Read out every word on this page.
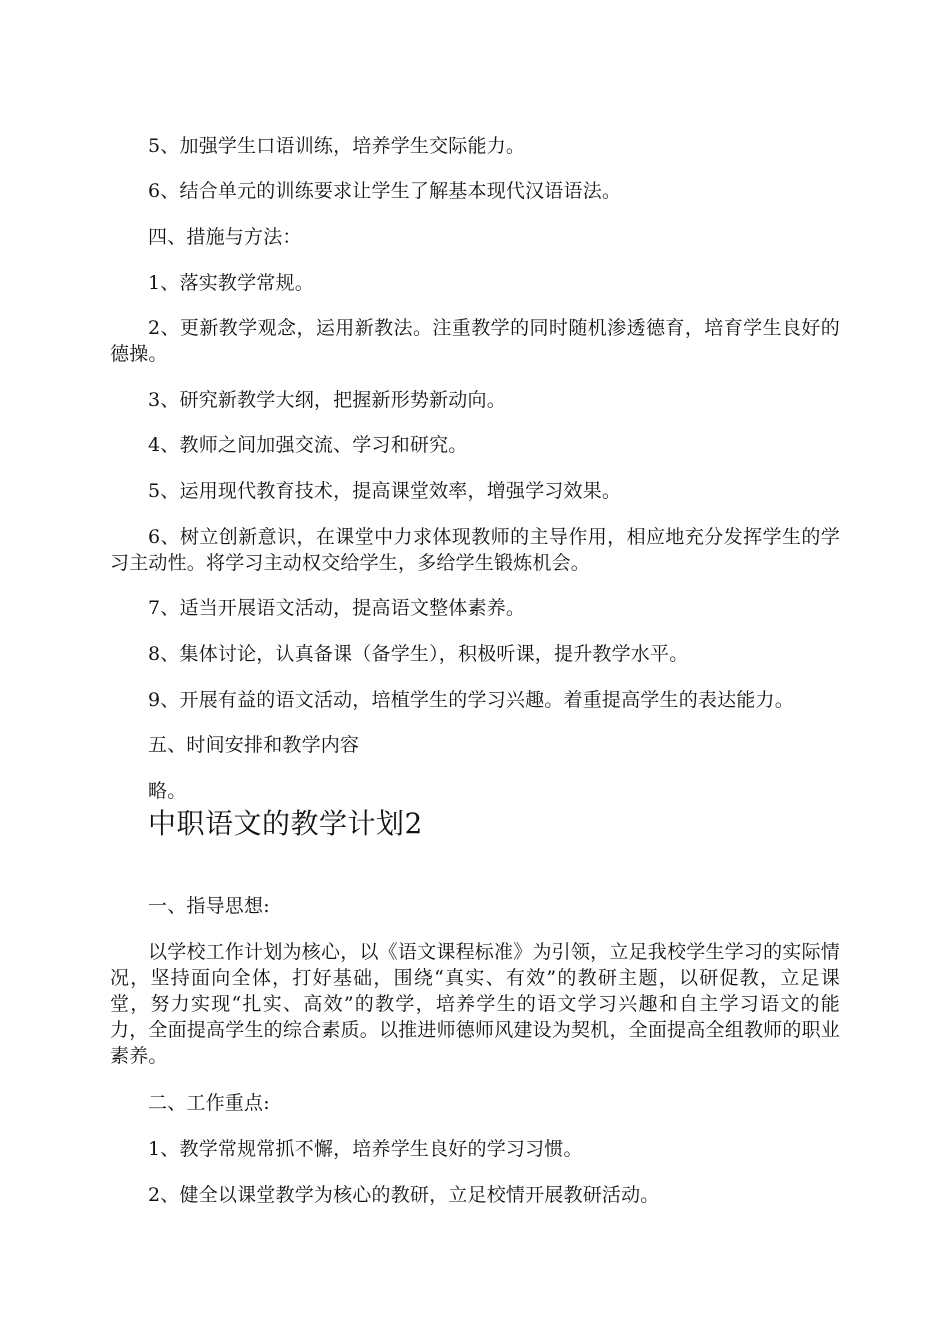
5、加强学生口语训练，培养学生交际能力。

6、结合单元的训练要求让学生了解基本现代汉语语法。

四、措施与方法：

1、落实教学常规。

2、更新教学观念，运用新教法。注重教学的同时随机渗透德育，培育学生良好的德操。

3、研究新教学大纲，把握新形势新动向。

4、教师之间加强交流、学习和研究。

5、运用现代教育技术，提高课堂效率，增强学习效果。

6、树立创新意识，在课堂中力求体现教师的主导作用，相应地充分发挥学生的学习主动性。将学习主动权交给学生，多给学生锻炼机会。

7、适当开展语文活动，提高语文整体素养。

8、集体讨论，认真备课（备学生），积极听课，提升教学水平。

9、开展有益的语文活动，培植学生的学习兴趣。着重提高学生的表达能力。

五、时间安排和教学内容

略。

中职语文的教学计划2

一、指导思想:

以学校工作计划为核心，以《语文课程标准》为引领，立足我校学生学习的实际情况，坚持面向全体，打好基础，围绕“真实、有效”的教研主题，以研促教，立足课堂，努力实现“扎实、高效”的教学，培养学生的语文学习兴趣和自主学习语文的能力，全面提高学生的综合素质。以推进师德师风建设为契机，全面提高全组教师的职业素养。

二、工作重点:

1、教学常规常抓不懈，培养学生良好的学习习惯。

2、健全以课堂教学为核心的教研，立足校情开展教研活动。
